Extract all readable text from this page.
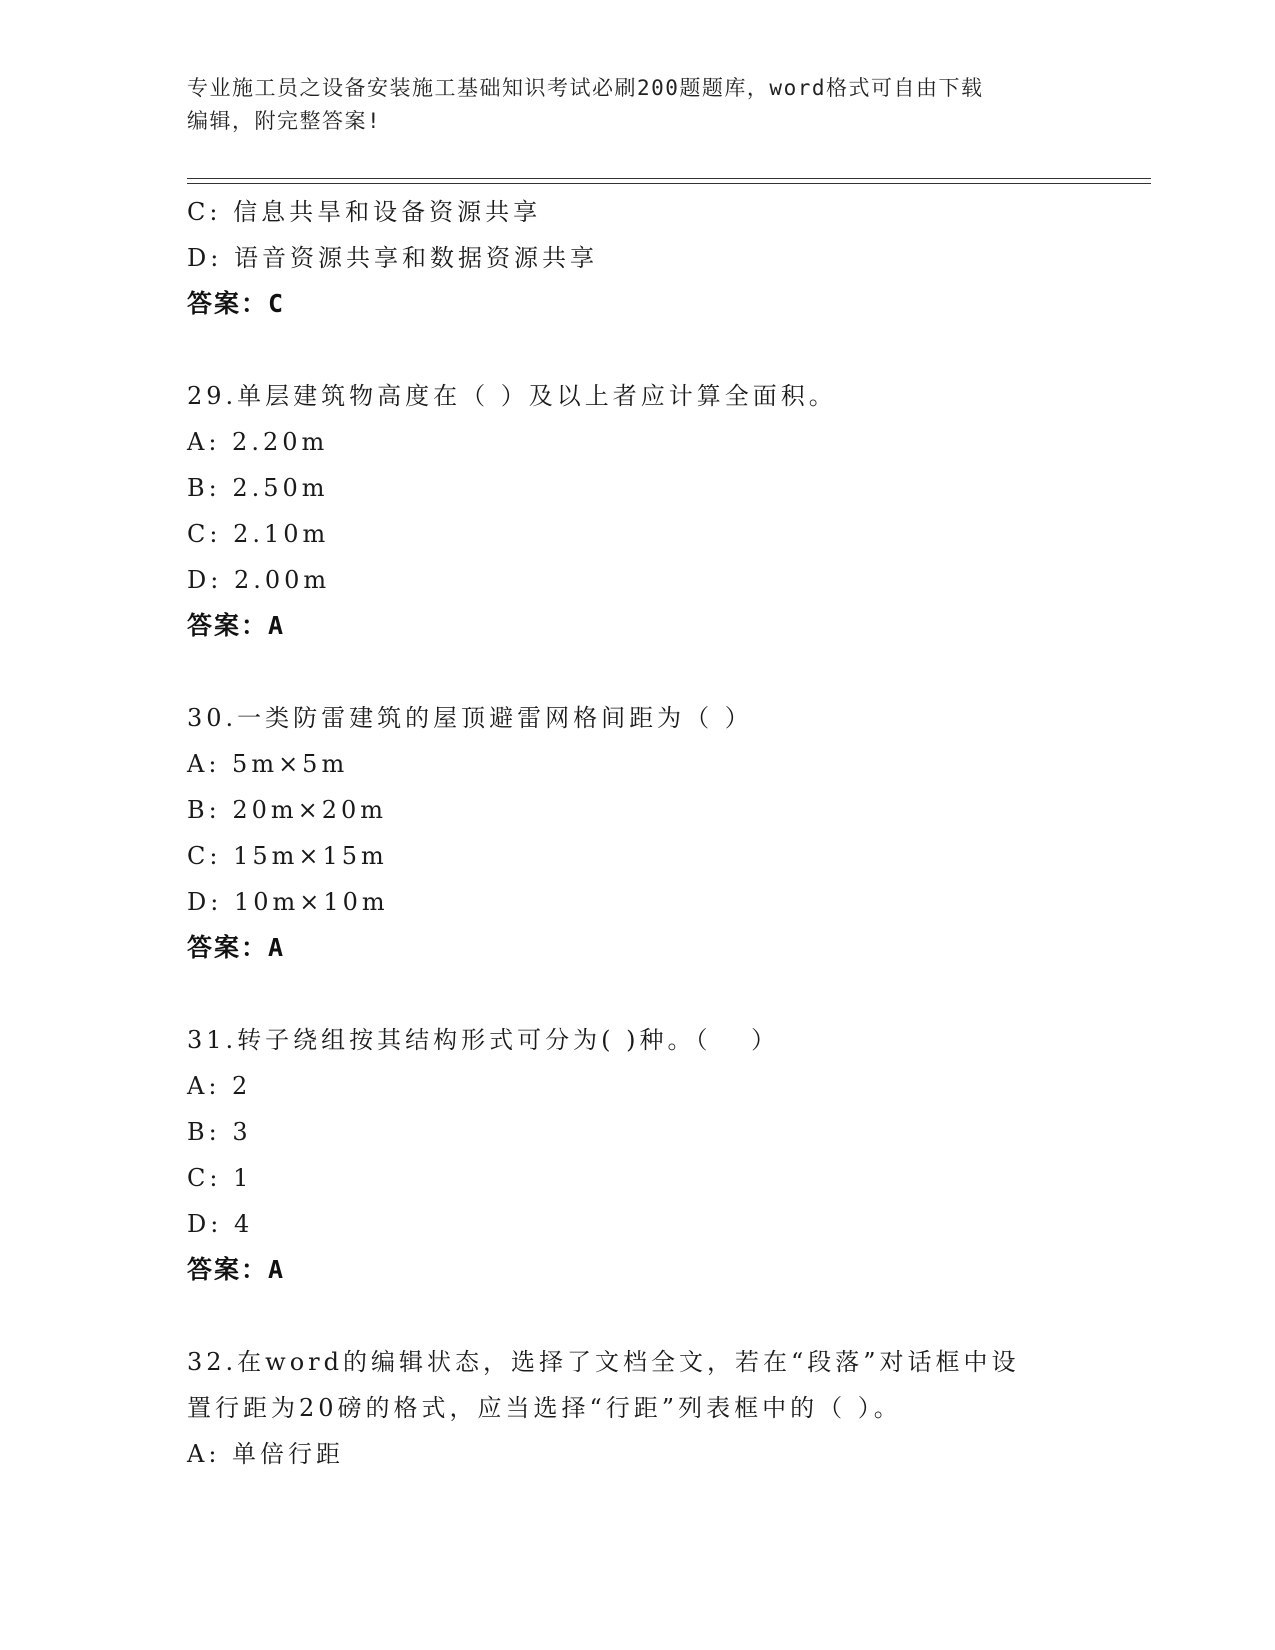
专业施工员之设备安装施工基础知识考试必刷200题题库，word格式可自由下载
编辑，附完整答案!
C: 信息共旱和设备资源共享
D: 语音资源共享和数据资源共享
答案：C
29.单层建筑物高度在（ ）及以上者应计算全面积。
A: 2.20m
B: 2.50m
C: 2.10m
D: 2.00m
答案：A
30.一类防雷建筑的屋顶避雷网格间距为（ ）
A: 5m×5m
B: 20m×20m
C: 15m×15m
D: 10m×10m
答案：A
31.转子绕组按其结构形式可分为( )种。（　 ）
A: 2
B: 3
C: 1
D: 4
答案：A
32.在word的编辑状态，选择了文档全文，若在“段落”对话框中设
置行距为20磅的格式，应当选择“行距”列表框中的（ ）。
A: 单倍行距
